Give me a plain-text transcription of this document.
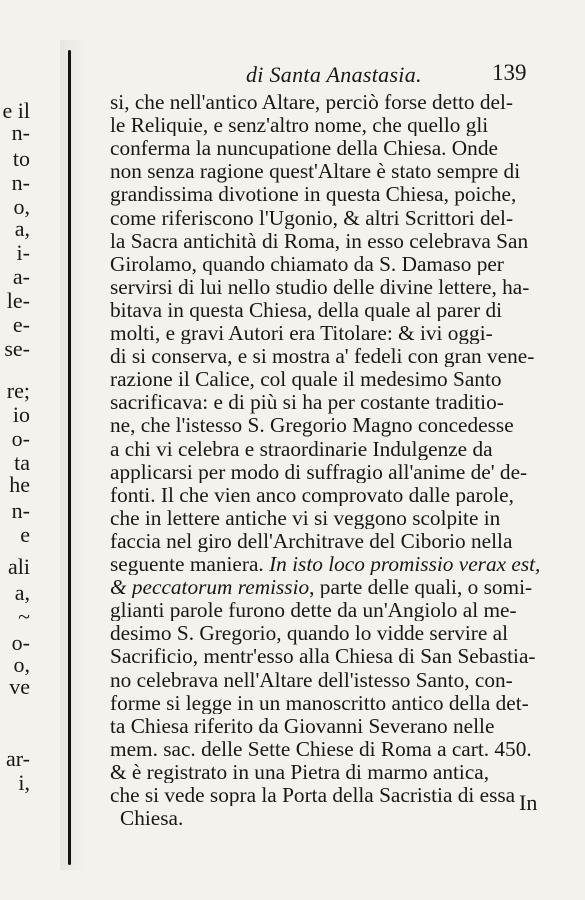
e il
n-
to
n-
o,
a,
i-
a-
le-
e-
se-
re;
io
o-
ta
he
n-
e
ali
a,
~
o-
o,
ve
ar-
i,
di Santa Anastasia.	139
si, che nell'antico Altare, perciò forse detto del-
le Reliquie, e senz'altro nome, che quello gli
conferma la nuncupatione della Chiesa. Onde
non senza ragione quest'Altare è stato sempre di
grandissima divotione in questa Chiesa, poiche,
come riferiscono l'Ugonio, & altri Scrittori del-
la Sacra antichità di Roma, in esso celebrava San
Girolamo, quando chiamato da S. Damaso per
servirsi di lui nello studio delle divine lettere, ha-
bitava in questa Chiesa, della quale al parer di
molti, e gravi Autori era Titolare: & ivi oggi-
di si conserva, e si mostra a' fedeli con gran vene-
razione il Calice, col quale il medesimo Santo
sacrificava: e di più si ha per costante traditio-
ne, che l'istesso S. Gregorio Magno concedesse
a chi vi celebra e straordinarie Indulgenze da
applicarsi per modo di suffragio all'anime de' de-
fonti. Il che vien anco comprovato dalle parole,
che in lettere antiche vi si veggono scolpite in
faccia nel giro dell'Architrave del Ciborio nella
seguente maniera. In isto loco promissio verax est,
& peccatorum remissio, parte delle quali, o somi-
glianti parole furono dette da un'Angiolo al me-
desimo S. Gregorio, quando lo vidde servire al
Sacrificio, mentr'esso alla Chiesa di San Sebastia-
no celebrava nell'Altare dell'istesso Santo, con-
forme si legge in un manoscritto antico della det-
ta Chiesa riferito da Giovanni Severano nelle
mem. sac. delle Sette Chiese di Roma a cart. 450.
& è registrato in una Pietra di marmo antica,
che si vede sopra la Porta della Sacristia di essa
Chiesa.
In
